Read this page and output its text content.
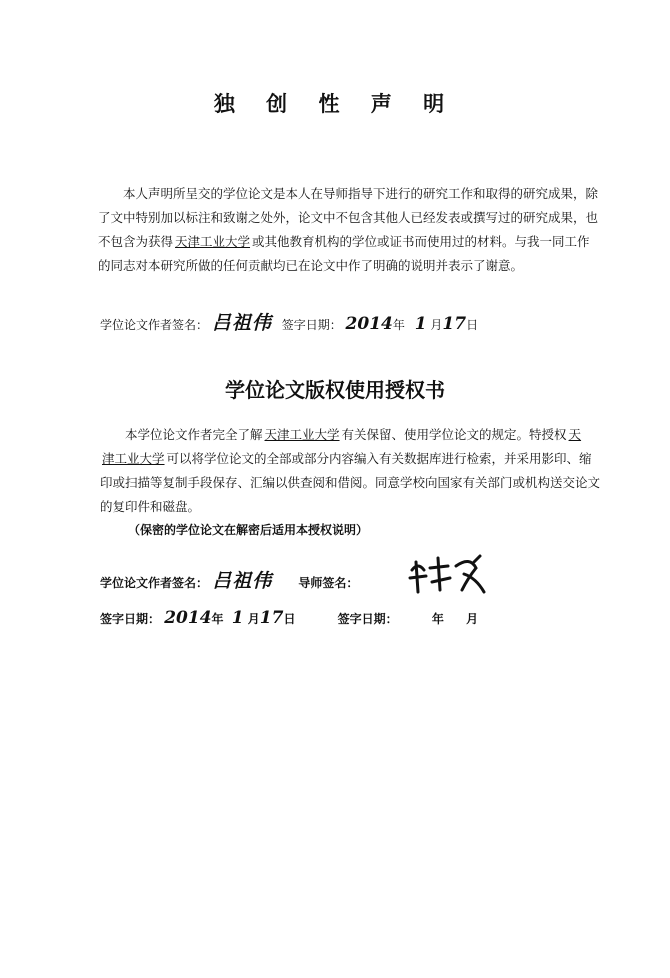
独 创 性 声 明
本人声明所呈交的学位论文是本人在导师指导下进行的研究工作和取得的研究成果，除
了文中特别加以标注和致谢之处外，论文中不包含其他人已经发表或撰写过的研究成果，也
不包含为获得 天津工业大学 或其他教育机构的学位或证书而使用过的材料。与我一同工作
的同志对本研究所做的任何贡献均已在论文中作了明确的说明并表示了谢意。
学位论文作者签名： 吕祖伟 签字日期： 2014年 1 月17日
学位论文版权使用授权书
本学位论文作者完全了解 天津工业大学 有关保留、使用学位论文的规定。特授权 天
津工业大学 可以将学位论文的全部或部分内容编入有关数据库进行检索，并采用影印、缩
印或扫描等复制手段保存、汇编以供查阅和借阅。同意学校向国家有关部门或机构送交论文
的复印件和磁盘。
（保密的学位论文在解密后适用本授权说明）
学位论文作者签名： 吕祖伟 导师签名：
签字日期： 2014年 1 月17日	签字日期：	年 月
